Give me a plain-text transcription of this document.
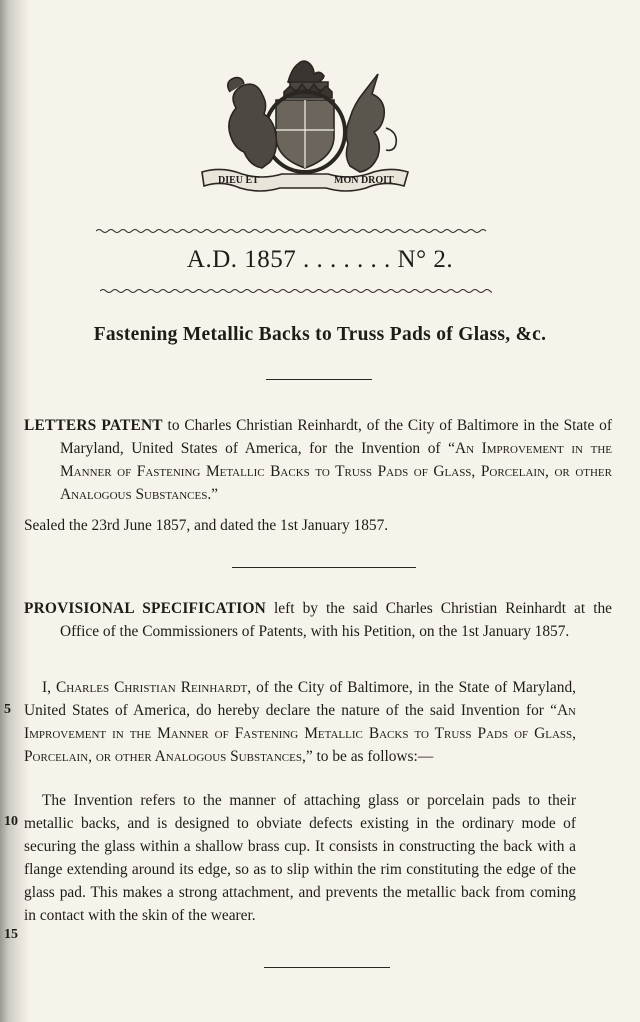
DIEU ET	MON DROIT
A.D. 1857 . . . . . . . N° 2.
Fastening Metallic Backs to Truss Pads of Glass, &c.
LETTERS PATENT to Charles Christian Reinhardt, of the City of Baltimore in the State of Maryland, United States of America, for the Invention of “An Improvement in the Manner of Fastening Metallic Backs to Truss Pads of Glass, Porcelain, or other Analogous Substances.”
Sealed the 23rd June 1857, and dated the 1st January 1857.
PROVISIONAL SPECIFICATION left by the said Charles Christian Reinhardt at the Office of the Commissioners of Patents, with his Petition, on the 1st January 1857.
I, Charles Christian Reinhardt, of the City of Baltimore, in the State of Maryland, United States of America, do hereby declare the nature of the said Invention for “An Improvement in the Manner of Fastening Metallic Backs to Truss Pads of Glass, Porcelain, or other Analogous Substances,” to be as follows:—
The Invention refers to the manner of attaching glass or porcelain pads to their metallic backs, and is designed to obviate defects existing in the ordinary mode of securing the glass within a shallow brass cup. It consists in constructing the back with a flange extending around its edge, so as to slip within the rim constituting the edge of the glass pad. This makes a strong attachment, and prevents the metallic back from coming in contact with the skin of the wearer.
5
10
15
